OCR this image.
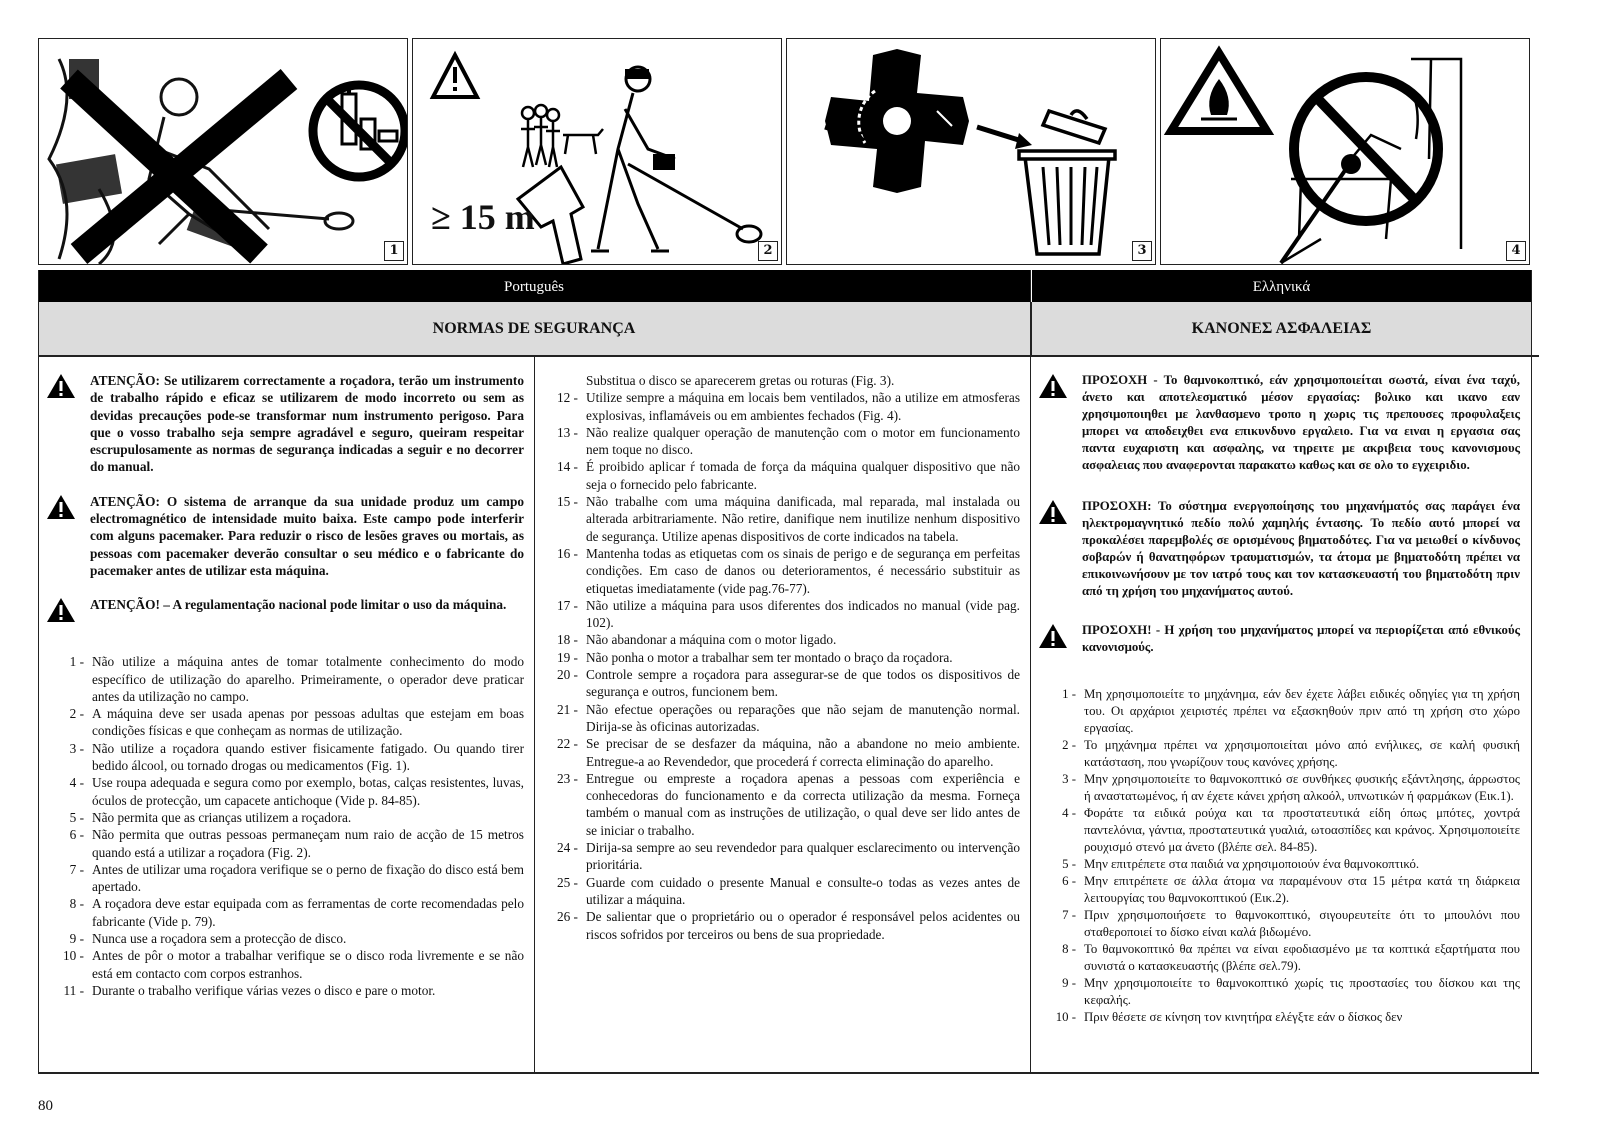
1
≥ 15 m
2	3	4
Português	Ελληνικά
NORMAS DE SEGURANÇA	ΚΑΝΟΝΕΣ ΑΣΦΑΛΕΙΑΣ
ATENÇÃO: Se utilizarem correctamente a roçadora, terão um instrumento de trabalho rápido e eficaz se utilizarem de modo incorreto ou sem as devidas precauções pode-se transformar num instrumento perigoso. Para que o vosso trabalho seja sempre agradável e seguro, queiram respeitar escrupulosamente as normas de segurança indicadas a seguir e no decorrer do manual.
ATENÇÃO: O sistema de arranque da sua unidade produz um campo electromagnético de intensidade muito baixa. Este campo pode interferir com alguns pacemaker. Para reduzir o risco de lesões graves ou mortais, as pessoas com pacemaker deverão consultar o seu médico e o fabricante do pacemaker antes de utilizar esta máquina.
ATENÇÃO! – A regulamentação nacional pode limitar o uso da máquina.
1 - Não utilize a máquina antes de tomar totalmente conhecimento do modo específico de utilização do aparelho. Primeiramente, o operador deve praticar antes da utilização no campo.
2 - A máquina deve ser usada apenas por pessoas adultas que estejam em boas condições físicas e que conheçam as normas de utilização.
3 - Não utilize a roçadora quando estiver fisicamente fatigado. Ou quando tirer bedido álcool, ou tornado drogas ou medicamentos (Fig. 1).
4 - Use roupa adequada e segura como por exemplo, botas, calças resistentes, luvas, óculos de protecção, um capacete antichoque (Vide p. 84-85).
5 - Não permita que as crianças utilizem a roçadora.
6 - Não permita que outras pessoas permaneçam num raio de acção de 15 metros quando está a utilizar a roçadora (Fig. 2).
7 - Antes de utilizar uma roçadora verifique se o perno de fixação do disco está bem apertado.
8 - A roçadora deve estar equipada com as ferramentas de corte recomendadas pelo fabricante (Vide p. 79).
9 - Nunca use a roçadora sem a protecção de disco.
10 - Antes de pôr o motor a trabalhar verifique se o disco roda livremente e se não está em contacto com corpos estranhos.
11 - Durante o trabalho verifique várias vezes o disco e pare o motor.
Substitua o disco se aparecerem gretas ou roturas (Fig. 3).
12 - Utilize sempre a máquina em locais bem ventilados, não a utilize em atmosferas explosivas, inflamáveis ou em ambientes fechados (Fig. 4).
13 - Não realize qualquer operação de manutenção com o motor em funcionamento nem toque no disco.
14 - É proibido aplicar ŕ tomada de força da máquina qualquer dispositivo que não seja o fornecido pelo fabricante.
15 - Não trabalhe com uma máquina danificada, mal reparada, mal instalada ou alterada arbitrariamente. Não retire, danifique nem inutilize nenhum dispositivo de segurança. Utilize apenas dispositivos de corte indicados na tabela.
16 - Mantenha todas as etiquetas com os sinais de perigo e de segurança em perfeitas condições. Em caso de danos ou deterioramentos, é necessário substituir as etiquetas imediatamente (vide pag.76-77).
17 - Não utilize a máquina para usos diferentes dos indicados no manual (vide pag. 102).
18 - Não abandonar a máquina com o motor ligado.
19 - Não ponha o motor a trabalhar sem ter montado o braço da roçadora.
20 - Controle sempre a roçadora para assegurar-se de que todos os dispositivos de segurança e outros, funcionem bem.
21 - Não efectue operações ou reparações que não sejam de manutenção normal. Dirija-se às oficinas autorizadas.
22 - Se precisar de se desfazer da máquina, não a abandone no meio ambiente. Entregue-a ao Revendedor, que procederá ŕ correcta eliminação do aparelho.
23 - Entregue ou empreste a roçadora apenas a pessoas com experiência e conhecedoras do funcionamento e da correcta utilização da mesma. Forneça também o manual com as instruções de utilização, o qual deve ser lido antes de se iniciar o trabalho.
24 - Dirija-sa sempre ao seu revendedor para qualquer esclarecimento ou intervenção prioritária.
25 - Guarde com cuidado o presente Manual e consulte-o todas as vezes antes de utilizar a máquina.
26 - De salientar que o proprietário ou o operador é responsável pelos acidentes ou riscos sofridos por terceiros ou bens de sua propriedade.
ΠΡΟΣΟΧΗ - Το θαμνοκοπτικό, εάν χρησιμοποιείται σωστά, είναι ένα ταχύ, άνετο και αποτελεσματικό μέσον εργασίας: βολικο και ικανο εαν χρησιμοποιηθει με λανθασμενο τροπο η χωρις τις πρεπουσες προφυλαξεις μπορει να αποδειχθει ενα επικυνδυνο εργαλειο. Για να ειναι η εργασια σας παντα ευχαριστη και ασφαλης, να τηρειτε με ακριβεια τους κανονισμους ασφαλειας που αναφερονται παρακατω καθως και σε ολο το εγχειριδιο.
ΠΡΟΣΟΧΗ: Το σύστημα ενεργοποίησης του μηχανήματός σας παράγει ένα ηλεκτρομαγνητικό πεδίο πολύ χαμηλής έντασης. Το πεδίο αυτό μπορεί να προκαλέσει παρεμβολές σε ορισμένους βηματοδότες. Για να μειωθεί ο κίνδυνος σοβαρών ή θανατηφόρων τραυματισμών, τα άτομα με βηματοδότη πρέπει να επικοινωνήσουν με τον ιατρό τους και τον κατασκευαστή του βηματοδότη πριν από τη χρήση του μηχανήματος αυτού.
ΠΡΟΣΟΧΗ! - Η χρήση του μηχανήματος μπορεί να περιορίζεται από εθνικούς κανονισμούς.
1 - Μη χρησιμοποιείτε το μηχάνημα, εάν δεν έχετε λάβει ειδικές οδηγίες για τη χρήση του. Οι αρχάριοι χειριστές πρέπει να εξασκηθούν πριν από τη χρήση στο χώρο εργασίας.
2 - Το μηχάνημα πρέπει να χρησιμοποιείται μόνο από ενήλικες, σε καλή φυσική κατάσταση, που γνωρίζουν τους κανόνες χρήσης.
3 - Μην χρησιμοποιείτε το θαμνοκοπτικό σε συνθήκες φυσικής εξάντλησης, άρρωστος ή αναστατωμένος, ή αν έχετε κάνει χρήση αλκοόλ, υπνωτικών ή φαρμάκων (Εικ.1).
4 - Φοράτε τα ειδικά ρούχα και τα προστατευτικά είδη όπως μπότες, χοντρά παντελόνια, γάντια, προστατευτικά γυαλιά, ωτοασπίδες και κράνος. Χρησιμοποιείτε ρουχισμό στενό μα άνετο (βλέπε σελ. 84-85).
5 - Μην επιτρέπετε στα παιδιά να χρησιμοποιούν ένα θαμνοκοπτικό.
6 - Μην επιτρέπετε σε άλλα άτομα να παραμένουν στα 15 μέτρα κατά τη διάρκεια λειτουργίας του θαμνοκοπτικού (Εικ.2).
7 - Πριν χρησιμοποιήσετε το θαμνοκοπτικό, σιγουρευτείτε ότι το μπουλόνι που σταθεροποιεί το δίσκο είναι καλά βιδωμένο.
8 - Το θαμνοκοπτικό θα πρέπει να είναι εφοδιασμένο με τα κοπτικά εξαρτήματα που συνιστά ο κατασκευαστής (βλέπε σελ.79).
9 - Μην χρησιμοποιείτε το θαμνοκοπτικό χωρίς τις προστασίες του δίσκου και της κεφαλής.
10 - Πριν θέσετε σε κίνηση τον κινητήρα ελέγξτε εάν ο δίσκος δεν
80
